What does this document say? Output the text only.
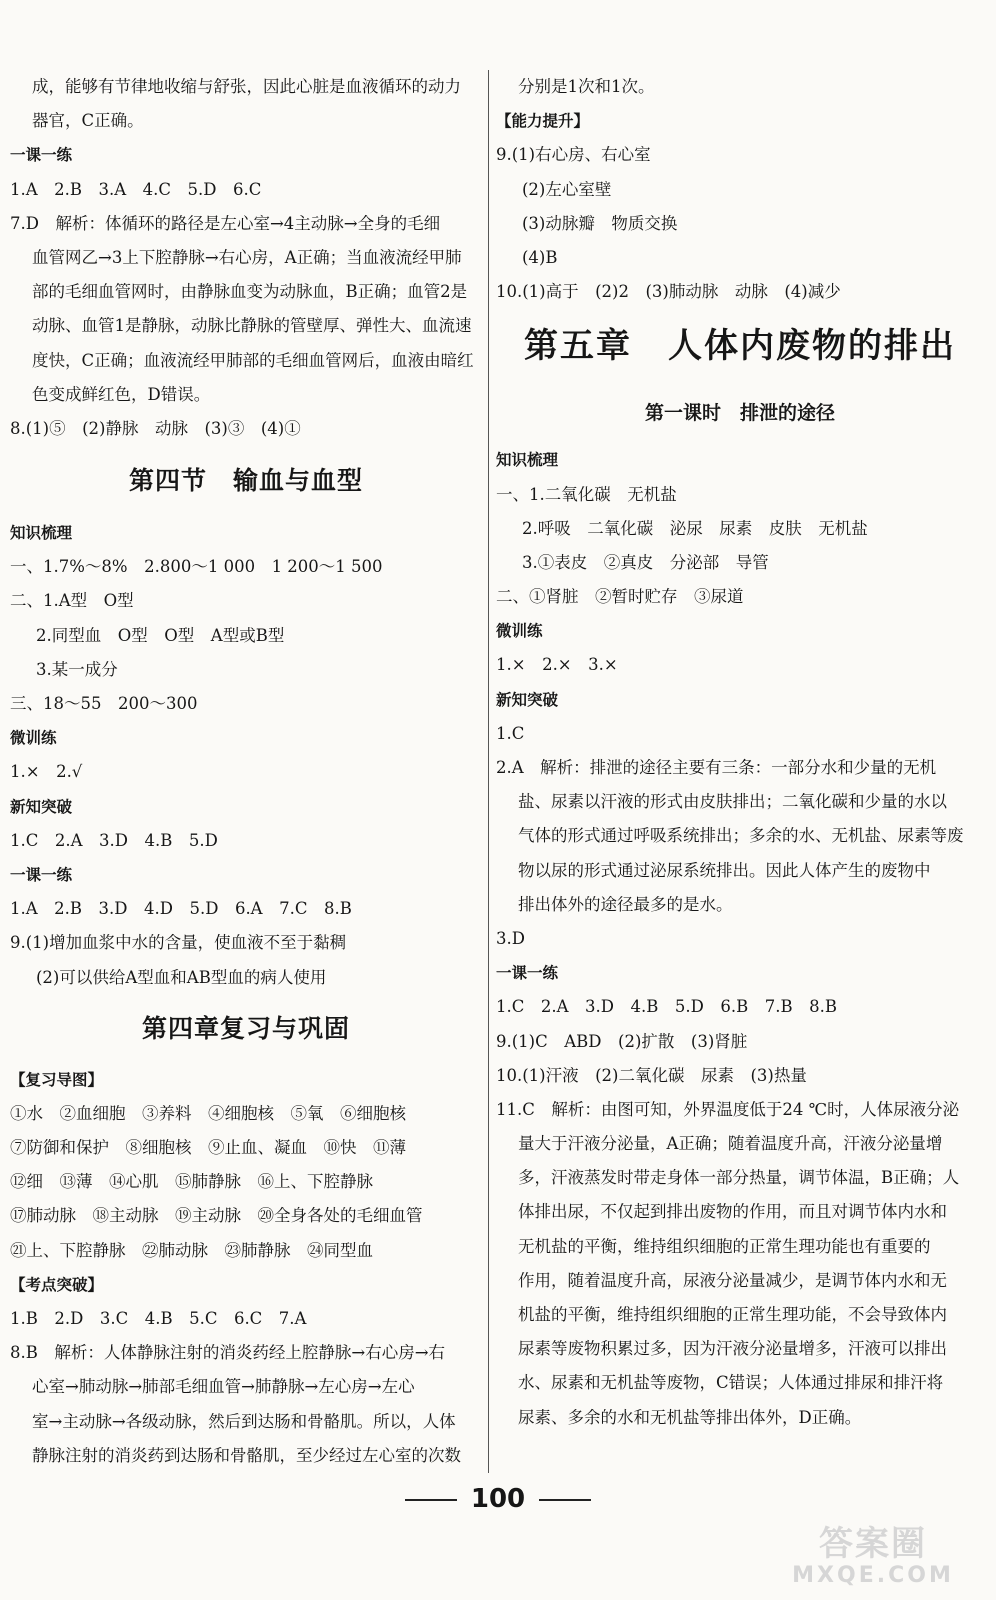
成，能够有节律地收缩与舒张，因此心脏是血液循环的动力
器官，C正确。
一课一练
1.A　2.B　3.A　4.C　5.D　6.C
7.D　解析：体循环的路径是左心室→4主动脉→全身的毛细
血管网乙→3上下腔静脉→右心房，A正确；当血液流经甲肺
部的毛细血管网时，由静脉血变为动脉血，B正确；血管2是
动脉、血管1是静脉，动脉比静脉的管壁厚、弹性大、血流速
度快，C正确；血液流经甲肺部的毛细血管网后，血液由暗红
色变成鲜红色，D错误。
8.(1)⑤　(2)静脉　动脉　(3)③　(4)①
第四节　输血与血型
知识梳理
一、1.7%～8%　2.800～1 000　1 200～1 500
二、1.A型　O型
2.同型血　O型　O型　A型或B型
3.某一成分
三、18～55　200～300
微训练
1.×　2.√
新知突破
1.C　2.A　3.D　4.B　5.D
一课一练
1.A　2.B　3.D　4.D　5.D　6.A　7.C　8.B
9.(1)增加血浆中水的含量，使血液不至于黏稠
(2)可以供给A型血和AB型血的病人使用
第四章复习与巩固
【复习导图】
①水　②血细胞　③养料　④细胞核　⑤氧　⑥细胞核
⑦防御和保护　⑧细胞核　⑨止血、凝血　⑩快　⑪薄
⑫细　⑬薄　⑭心肌　⑮肺静脉　⑯上、下腔静脉
⑰肺动脉　⑱主动脉　⑲主动脉　⑳全身各处的毛细血管
㉑上、下腔静脉　㉒肺动脉　㉓肺静脉　㉔同型血
【考点突破】
1.B　2.D　3.C　4.B　5.C　6.C　7.A
8.B　解析：人体静脉注射的消炎药经上腔静脉→右心房→右
心室→肺动脉→肺部毛细血管→肺静脉→左心房→左心
室→主动脉→各级动脉，然后到达肠和骨骼肌。所以，人体
静脉注射的消炎药到达肠和骨骼肌，至少经过左心室的次数
分别是1次和1次。
【能力提升】
9.(1)右心房、右心室
(2)左心室壁
(3)动脉瓣　物质交换
(4)B
10.(1)高于　(2)2　(3)肺动脉　动脉　(4)减少
第五章　人体内废物的排出
第一课时　排泄的途径
知识梳理
一、1.二氧化碳　无机盐
2.呼吸　二氧化碳　泌尿　尿素　皮肤　无机盐
3.①表皮　②真皮　分泌部　导管
二、①肾脏　②暂时贮存　③尿道
微训练
1.×　2.×　3.×
新知突破
1.C
2.A　解析：排泄的途径主要有三条：一部分水和少量的无机
盐、尿素以汗液的形式由皮肤排出；二氧化碳和少量的水以
气体的形式通过呼吸系统排出；多余的水、无机盐、尿素等废
物以尿的形式通过泌尿系统排出。因此人体产生的废物中
排出体外的途径最多的是水。
3.D
一课一练
1.C　2.A　3.D　4.B　5.D　6.B　7.B　8.B
9.(1)C　ABD　(2)扩散　(3)肾脏
10.(1)汗液　(2)二氧化碳　尿素　(3)热量
11.C　解析：由图可知，外界温度低于24 ℃时，人体尿液分泌
量大于汗液分泌量，A正确；随着温度升高，汗液分泌量增
多，汗液蒸发时带走身体一部分热量，调节体温，B正确；人
体排出尿，不仅起到排出废物的作用，而且对调节体内水和
无机盐的平衡，维持组织细胞的正常生理功能也有重要的
作用，随着温度升高，尿液分泌量减少，是调节体内水和无
机盐的平衡，维持组织细胞的正常生理功能，不会导致体内
尿素等废物积累过多，因为汗液分泌量增多，汗液可以排出
水、尿素和无机盐等废物，C错误；人体通过排尿和排汗将
尿素、多余的水和无机盐等排出体外，D正确。
100
答案圈
MXQE.COM
